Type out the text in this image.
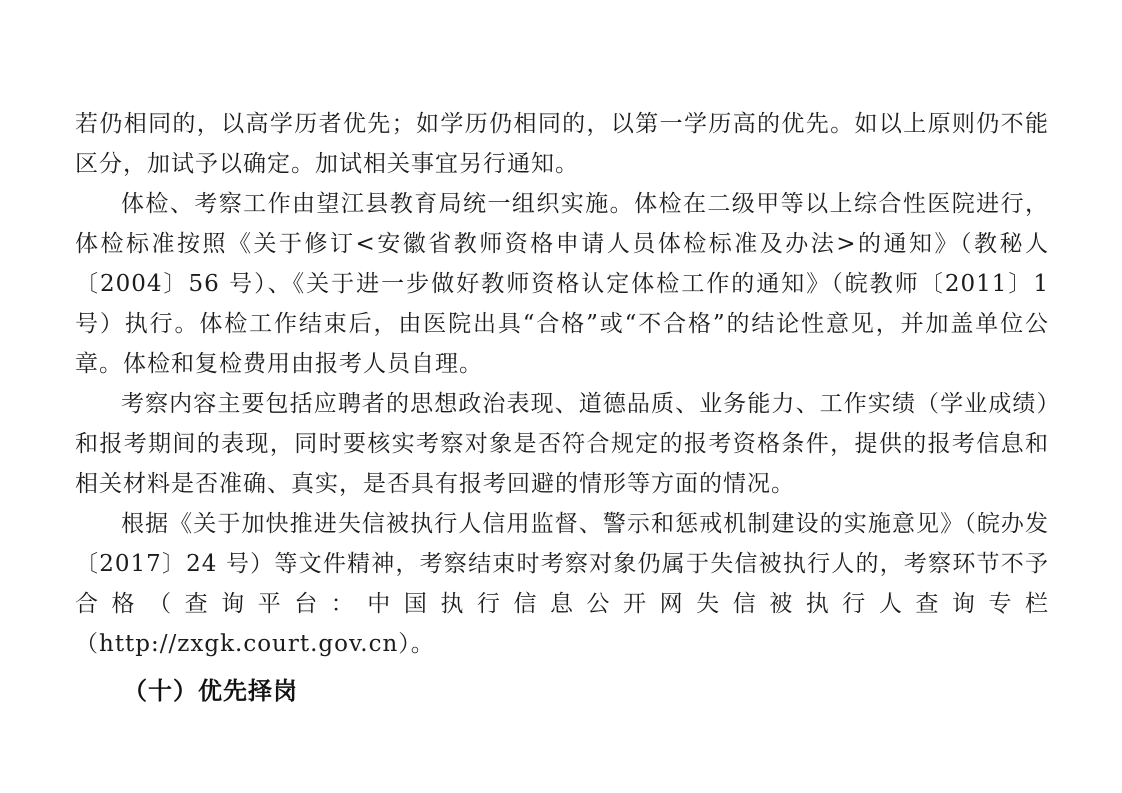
若仍相同的，以高学历者优先；如学历仍相同的，以第一学历高的优先。如以上原则仍不能区分，加试予以确定。加试相关事宜另行通知。

体检、考察工作由望江县教育局统一组织实施。体检在二级甲等以上综合性医院进行，体检标准按照《关于修订<安徽省教师资格申请人员体检标准及办法>的通知》（教秘人〔2004〕56 号）、《关于进一步做好教师资格认定体检工作的通知》（皖教师〔2011〕1 号）执行。体检工作结束后，由医院出具“合格”或“不合格”的结论性意见，并加盖单位公章。体检和复检费用由报考人员自理。

考察内容主要包括应聘者的思想政治表现、道德品质、业务能力、工作实绩（学业成绩）和报考期间的表现，同时要核实考察对象是否符合规定的报考资格条件，提供的报考信息和相关材料是否准确、真实，是否具有报考回避的情形等方面的情况。

根据《关于加快推进失信被执行人信用监督、警示和惩戒机制建设的实施意见》（皖办发〔2017〕24 号）等文件精神，考察结束时考察对象仍属于失信被执行人的，考察环节不予合格（查询平台：中国执行信息公开网失信被执行人查询专栏（http://zxgk.court.gov.cn）。

（十）优先择岗
